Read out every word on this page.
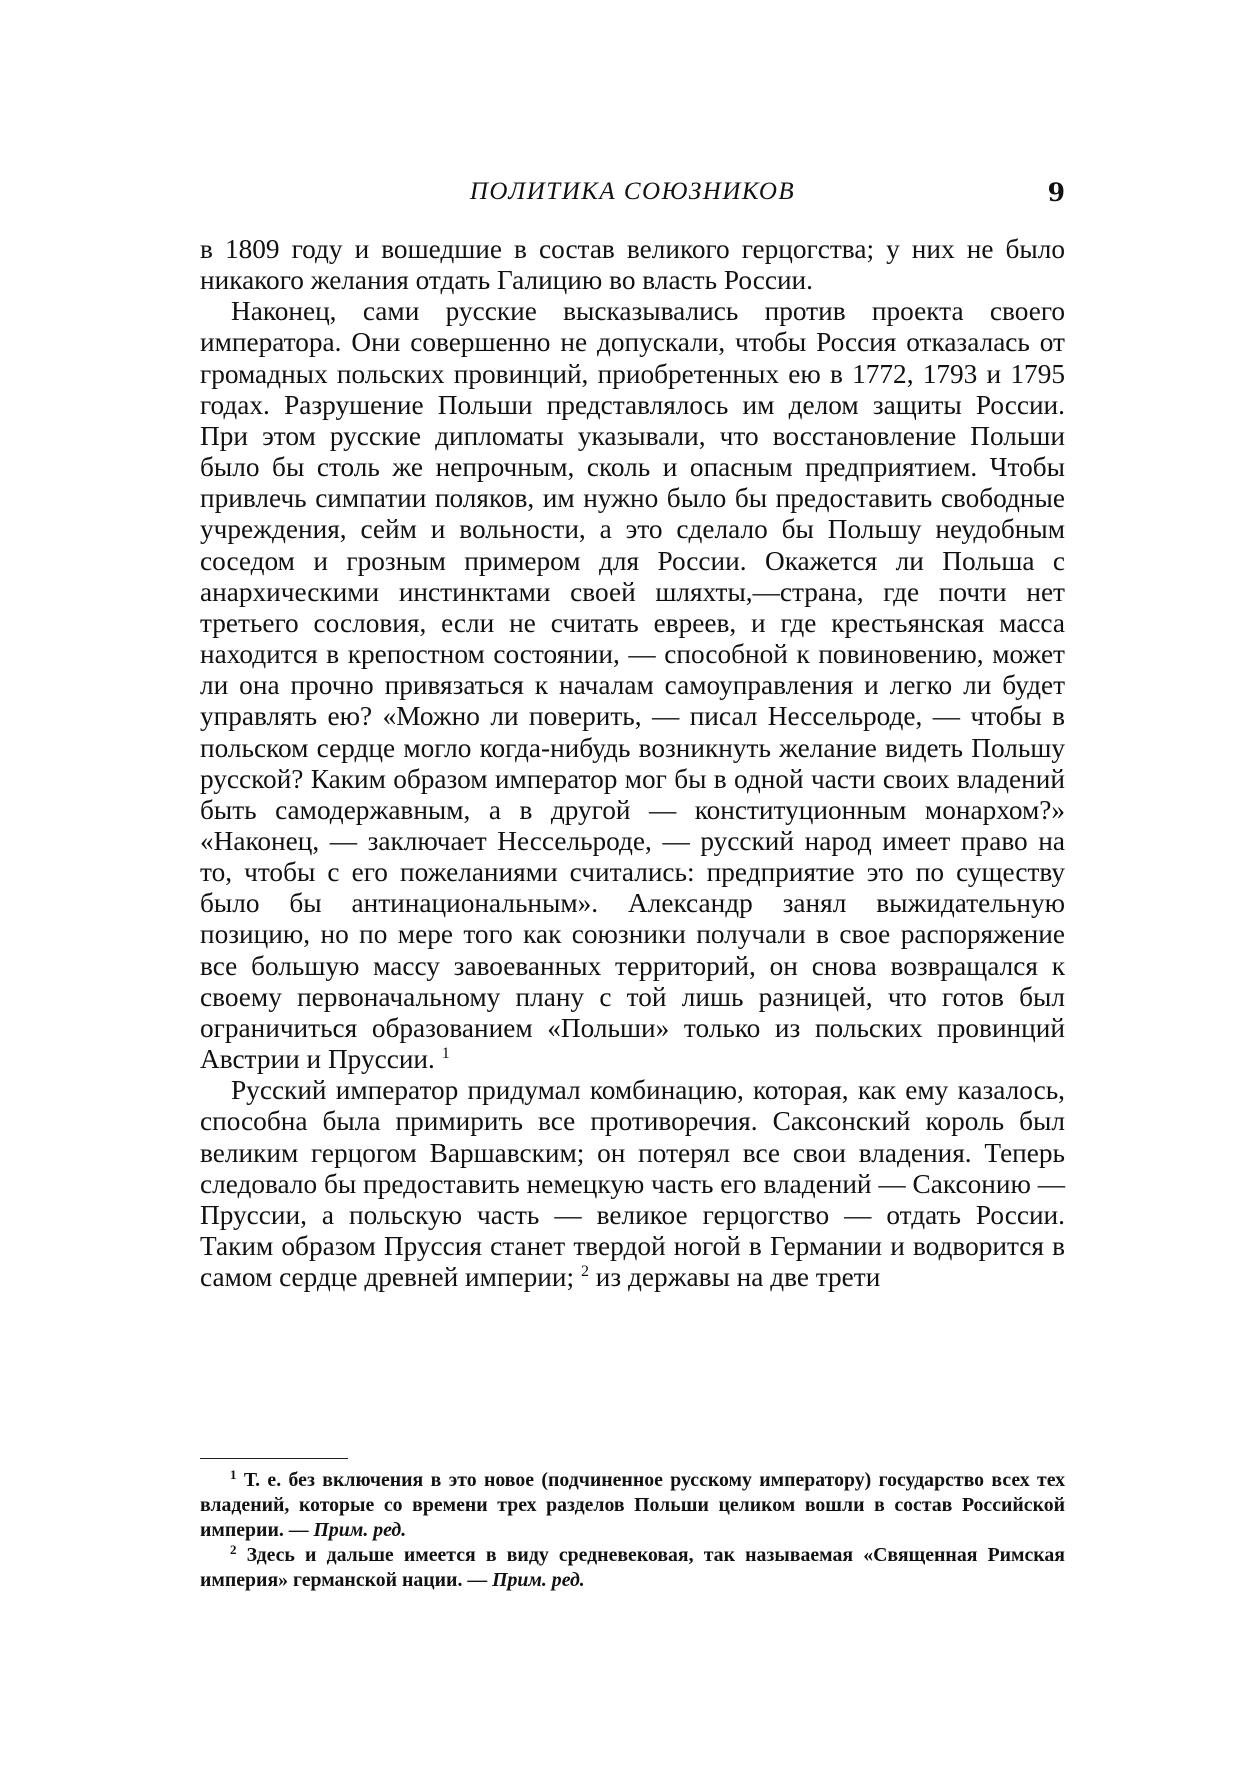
ПОЛИТИКА СОЮЗНИКОВ	9

в 1809 году и вошедшие в состав великого герцогства; у них не было никакого желания отдать Галицию во власть России.

Наконец, сами русские высказывались против проекта своего императора. Они совершенно не допускали, чтобы Россия отказалась от громадных польских провинций, приобретенных ею в 1772, 1793 и 1795 годах. Разрушение Польши представлялось им делом защиты России. При этом русские дипломаты указывали, что восстановление Польши было бы столь же непрочным, сколь и опасным предприятием. Чтобы привлечь симпатии поляков, им нужно было бы предоставить свободные учреждения, сейм и вольности, а это сделало бы Польшу неудобным соседом и грозным примером для России. Окажется ли Польша с анархическими инстинктами своей шляхты,—страна, где почти нет третьего сословия, если не считать евреев, и где крестьянская масса находится в крепостном состоянии, — способной к повиновению, может ли она прочно привязаться к началам самоуправления и легко ли будет управлять ею? «Можно ли поверить, — писал Нессельроде, — чтобы в польском сердце могло когда-нибудь возникнуть желание видеть Польшу русской? Каким образом император мог бы в одной части своих владений быть самодержавным, а в другой — конституционным монархом?» «Наконец, — заключает Нессельроде, — русский народ имеет право на то, чтобы с его пожеланиями считались: предприятие это по существу было бы антинациональным». Александр занял выжидательную позицию, но по мере того как союзники получали в свое распоряжение все большую массу завоеванных территорий, он снова возвращался к своему первоначальному плану с той лишь разницей, что готов был ограничиться образованием «Польши» только из польских провинций Австрии и Пруссии. $^1$

Русский император придумал комбинацию, которая, как ему казалось, способна была примирить все противоречия. Саксонский король был великим герцогом Варшавским; он потерял все свои владения. Теперь следовало бы предоставить немецкую часть его владений — Саксонию — Пруссии, а польскую часть — великое герцогство — отдать России. Таким образом Пруссия станет твердой ногой в Германии и водворится в самом сердце древней империи; $^2$ из державы на две трети

$^1$ Т. е. без включения в это новое (подчиненное русскому императору) государство всех тех владений, которые со времени трех разделов Польши целиком вошли в состав Российской империи. — Прим. ред.

$^2$ Здесь и дальше имеется в виду средневековая, так называемая «Священная Римская империя» германской нации. — Прим. ред.
